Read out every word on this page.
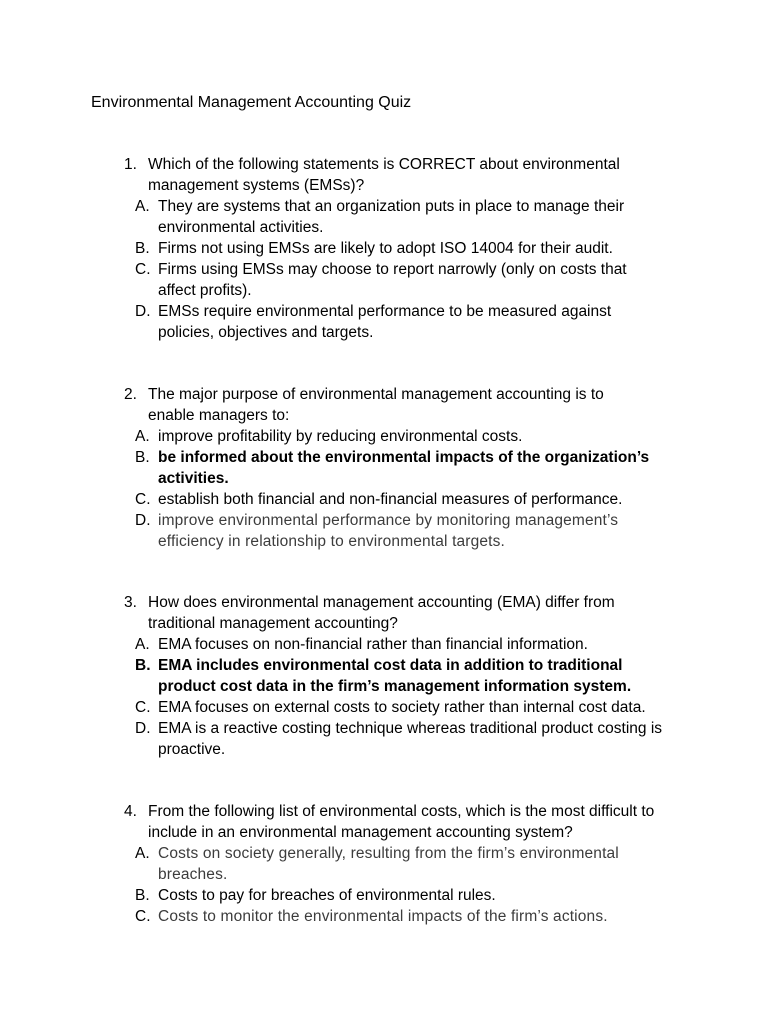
Environmental Management Accounting Quiz
1. Which of the following statements is CORRECT about environmental management systems (EMSs)?
A. They are systems that an organization puts in place to manage their environmental activities.
B. Firms not using EMSs are likely to adopt ISO 14004 for their audit.
C. Firms using EMSs may choose to report narrowly (only on costs that affect profits).
D. EMSs require environmental performance to be measured against policies, objectives and targets.
2. The major purpose of environmental management accounting is to enable managers to:
A. improve profitability by reducing environmental costs.
B. be informed about the environmental impacts of the organization’s activities.
C. establish both financial and non-financial measures of performance.
D. improve environmental performance by monitoring management’s efficiency in relationship to environmental targets.
3. How does environmental management accounting (EMA) differ from traditional management accounting?
A. EMA focuses on non-financial rather than financial information.
B. EMA includes environmental cost data in addition to traditional product cost data in the firm’s management information system.
C. EMA focuses on external costs to society rather than internal cost data.
D. EMA is a reactive costing technique whereas traditional product costing is proactive.
4. From the following list of environmental costs, which is the most difficult to include in an environmental management accounting system?
A. Costs on society generally, resulting from the firm’s environmental breaches.
B. Costs to pay for breaches of environmental rules.
C. Costs to monitor the environmental impacts of the firm’s actions.
